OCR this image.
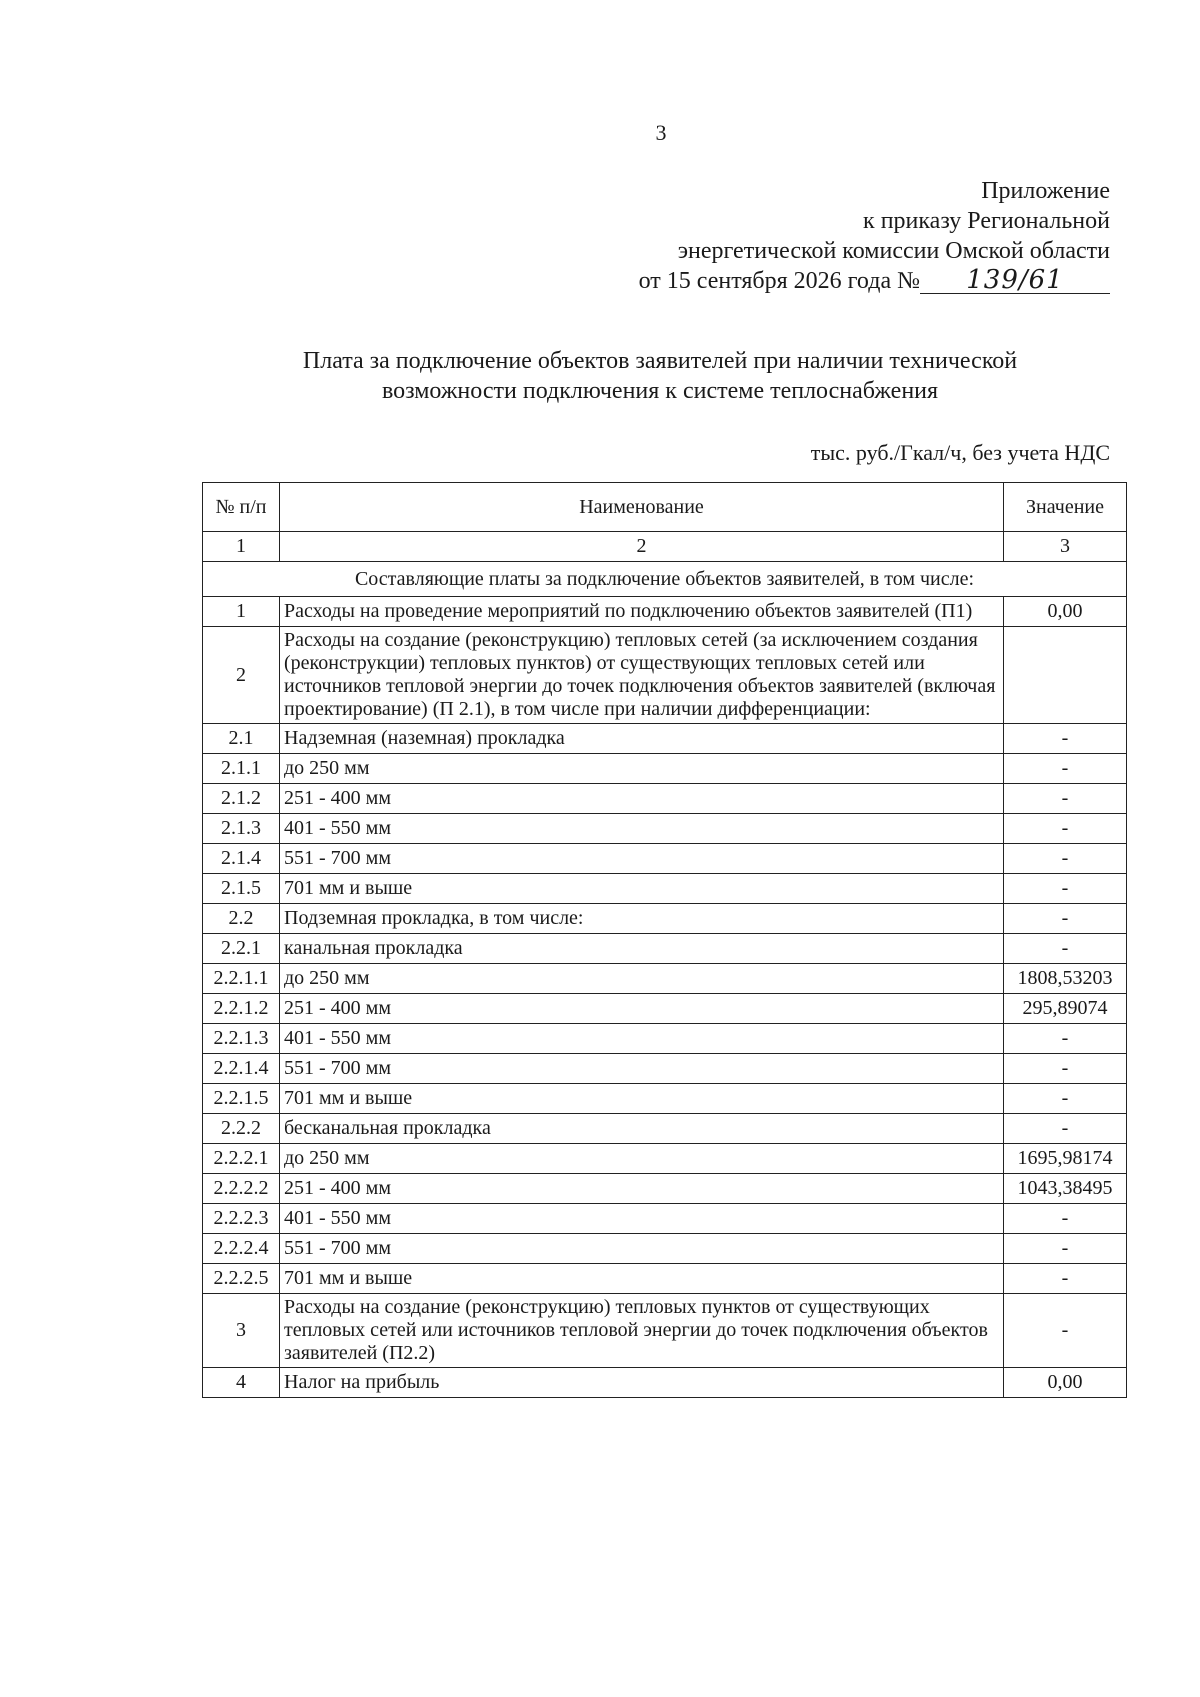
3
Приложение
к приказу Региональной
энергетической комиссии Омской области
от 15 сентября 2026 года № 139/61
Плата за подключение объектов заявителей при наличии технической
возможности подключения к системе теплоснабжения
тыс. руб./Гкал/ч, без учета НДС
№ п/п	Наименование	Значение
1	2	3
Составляющие платы за подключение объектов заявителей, в том числе:		
1	Расходы на проведение мероприятий по подключению объектов заявителей (П1)	0,00
2	Расходы на создание (реконструкцию) тепловых сетей (за исключением создания (реконструкции) тепловых пунктов) от существующих тепловых сетей или источников тепловой энергии до точек подключения объектов заявителей (включая проектирование) (П 2.1), в том числе при наличии дифференциации:	
2.1	Надземная (наземная) прокладка	-
2.1.1	до 250 мм	-
2.1.2	251 - 400 мм	-
2.1.3	401 - 550 мм	-
2.1.4	551 - 700 мм	-
2.1.5	701 мм и выше	-
2.2	Подземная прокладка, в том числе:	-
2.2.1	канальная прокладка	-
2.2.1.1	до 250 мм	1808,53203
2.2.1.2	251 - 400 мм	295,89074
2.2.1.3	401 - 550 мм	-
2.2.1.4	551 - 700 мм	-
2.2.1.5	701 мм и выше	-
2.2.2	бесканальная прокладка	-
2.2.2.1	до 250 мм	1695,98174
2.2.2.2	251 - 400 мм	1043,38495
2.2.2.3	401 - 550 мм	-
2.2.2.4	551 - 700 мм	-
2.2.2.5	701 мм и выше	-
3	Расходы на создание (реконструкцию) тепловых пунктов от существующих тепловых сетей или источников тепловой энергии до точек подключения объектов заявителей (П2.2)	-
4	Налог на прибыль	0,00
